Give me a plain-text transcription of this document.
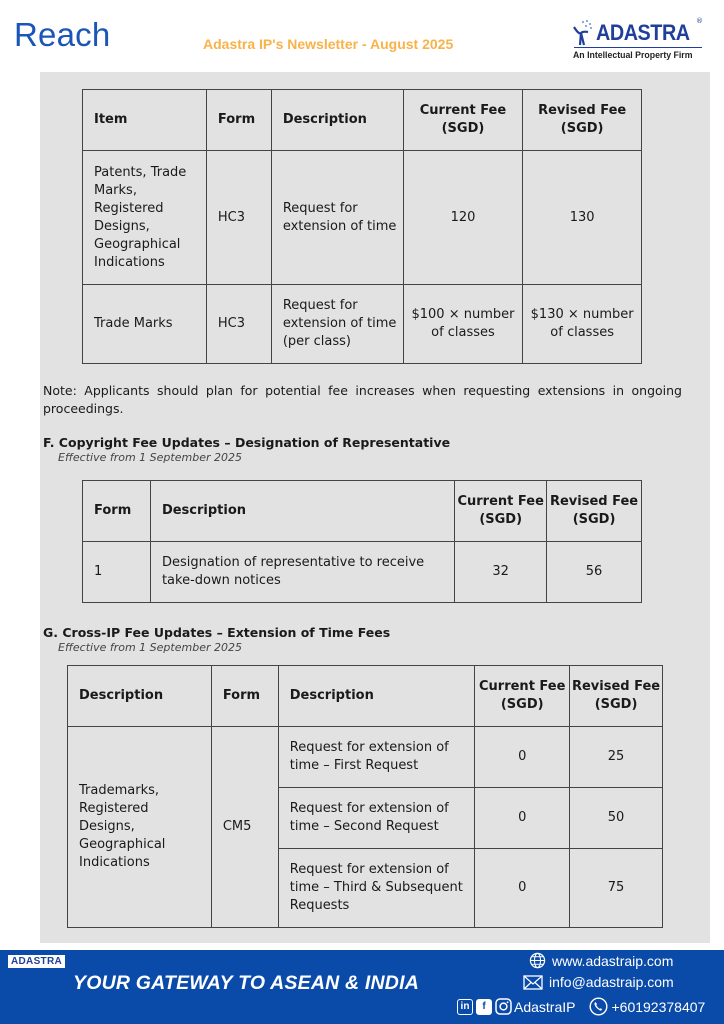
Reach	Adastra IP's Newsletter - August 2025	ADASTRA ®
An Intellectual Property Firm
Item	Form	Description	Current Fee (SGD)	Revised Fee (SGD)
Patents, Trade Marks, Registered Designs, Geographical Indications	HC3	Request for extension of time	120	130
Trade Marks	HC3	Request for extension of time (per class)	$100 × number of classes	$130 × number of classes
Note: Applicants should plan for potential fee increases when requesting extensions in ongoing proceedings.
F. Copyright Fee Updates – Designation of Representative
Effective from 1 September 2025
Form	Description	Current Fee (SGD)	Revised Fee (SGD)
1	Designation of representative to receive take-down notices	32	56
G. Cross-IP Fee Updates – Extension of Time Fees
Effective from 1 September 2025
Description	Form	Description	Current Fee (SGD)	Revised Fee (SGD)
Trademarks, Registered Designs, Geographical Indications	CM5	Request for extension of time – First Request	0	25
		Request for extension of time – Second Request	0	50
		Request for extension of time – Third & Subsequent Requests	0	75
ADASTRA
YOUR GATEWAY TO ASEAN & INDIA
www.adastraip.com
info@adastraip.com
in	f	AdastraIP	+60192378407
